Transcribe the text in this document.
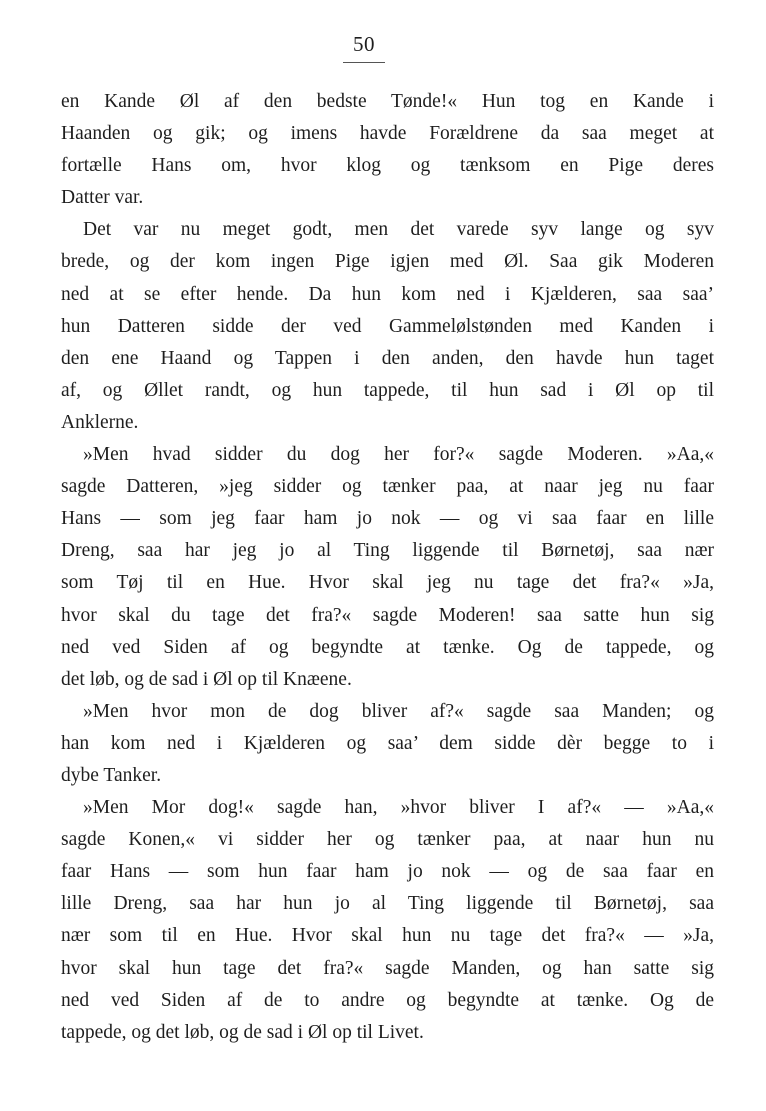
50
en Kande Øl af den bedste Tønde!« Hun tog en Kande i
Haanden og gik; og imens havde Forældrene da saa meget at
fortælle Hans om, hvor klog og tænksom en Pige deres
Datter var.
Det var nu meget godt, men det varede syv lange og syv
brede, og der kom ingen Pige igjen med Øl. Saa gik Moderen
ned at se efter hende. Da hun kom ned i Kjælderen, saa saa’
hun Datteren sidde der ved Gammelølstønden med Kanden i
den ene Haand og Tappen i den anden, den havde hun taget
af, og Øllet randt, og hun tappede, til hun sad i Øl op til
Anklerne.
»Men hvad sidder du dog her for?« sagde Moderen. »Aa,«
sagde Datteren, »jeg sidder og tænker paa, at naar jeg nu faar
Hans — som jeg faar ham jo nok — og vi saa faar en lille
Dreng, saa har jeg jo al Ting liggende til Børnetøj, saa nær
som Tøj til en Hue. Hvor skal jeg nu tage det fra?« »Ja,
hvor skal du tage det fra?« sagde Moderen! saa satte hun sig
ned ved Siden af og begyndte at tænke. Og de tappede, og
det løb, og de sad i Øl op til Knæene.
»Men hvor mon de dog bliver af?« sagde saa Manden; og
han kom ned i Kjælderen og saa’ dem sidde dèr begge to i
dybe Tanker.
»Men Mor dog!« sagde han, »hvor bliver I af?« — »Aa,«
sagde Konen,« vi sidder her og tænker paa, at naar hun nu
faar Hans — som hun faar ham jo nok — og de saa faar en
lille Dreng, saa har hun jo al Ting liggende til Børnetøj, saa
nær som til en Hue. Hvor skal hun nu tage det fra?« — »Ja,
hvor skal hun tage det fra?« sagde Manden, og han satte sig
ned ved Siden af de to andre og begyndte at tænke. Og de
tappede, og det løb, og de sad i Øl op til Livet.
